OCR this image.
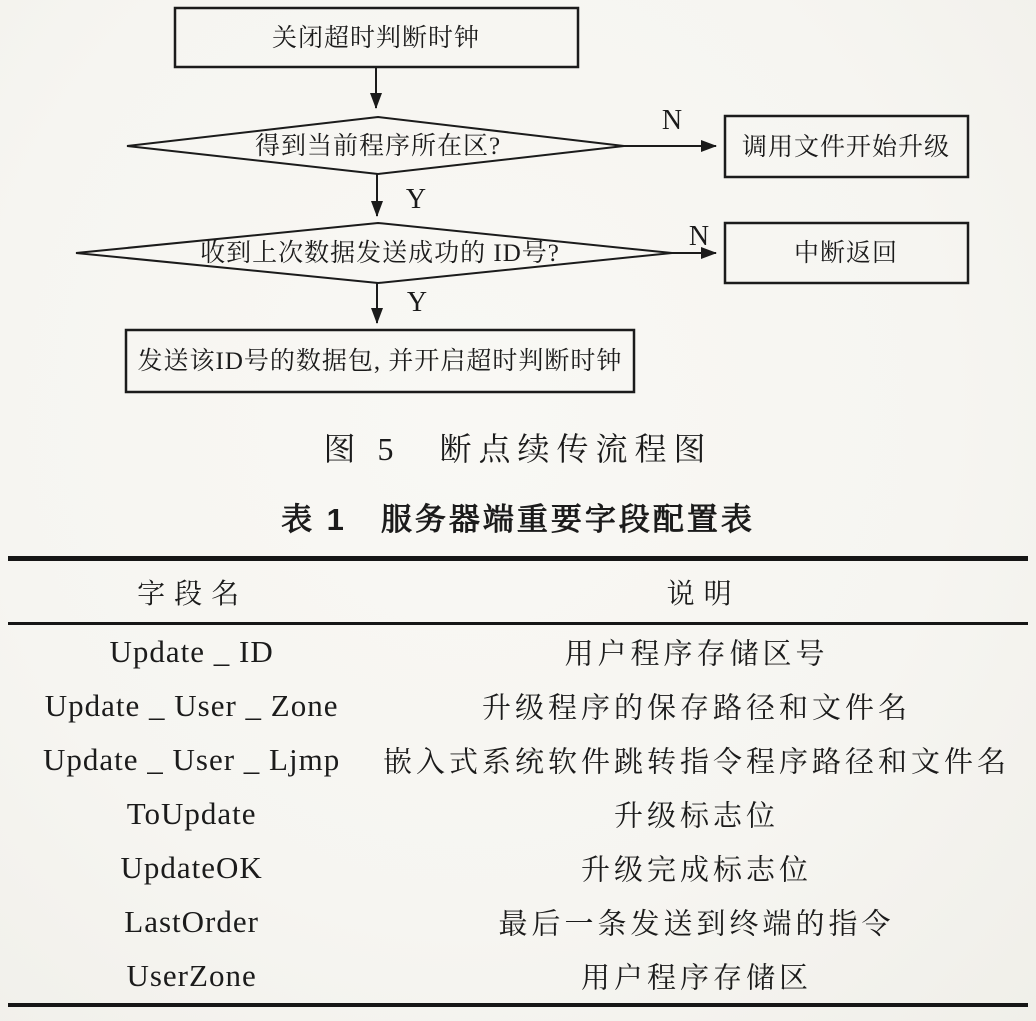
关闭超时判断时钟
得到当前程序所在区?
N
调用文件开始升级
Y
收到上次数据发送成功的 ID号?
N
中断返回
Y
发送该ID号的数据包, 并开启超时判断时钟
图 5　断点续传流程图
表 1　服务器端重要字段配置表
字段名	说明
Update _ ID	用户程序存储区号
Update _ User _ Zone	升级程序的保存路径和文件名
Update _ User _ Ljmp 嵌入式系统软件跳转指令程序路径和文件名
ToUpdate	升级标志位
UpdateOK	升级完成标志位
LastOrder	最后一条发送到终端的指令
UserZone	用户程序存储区
